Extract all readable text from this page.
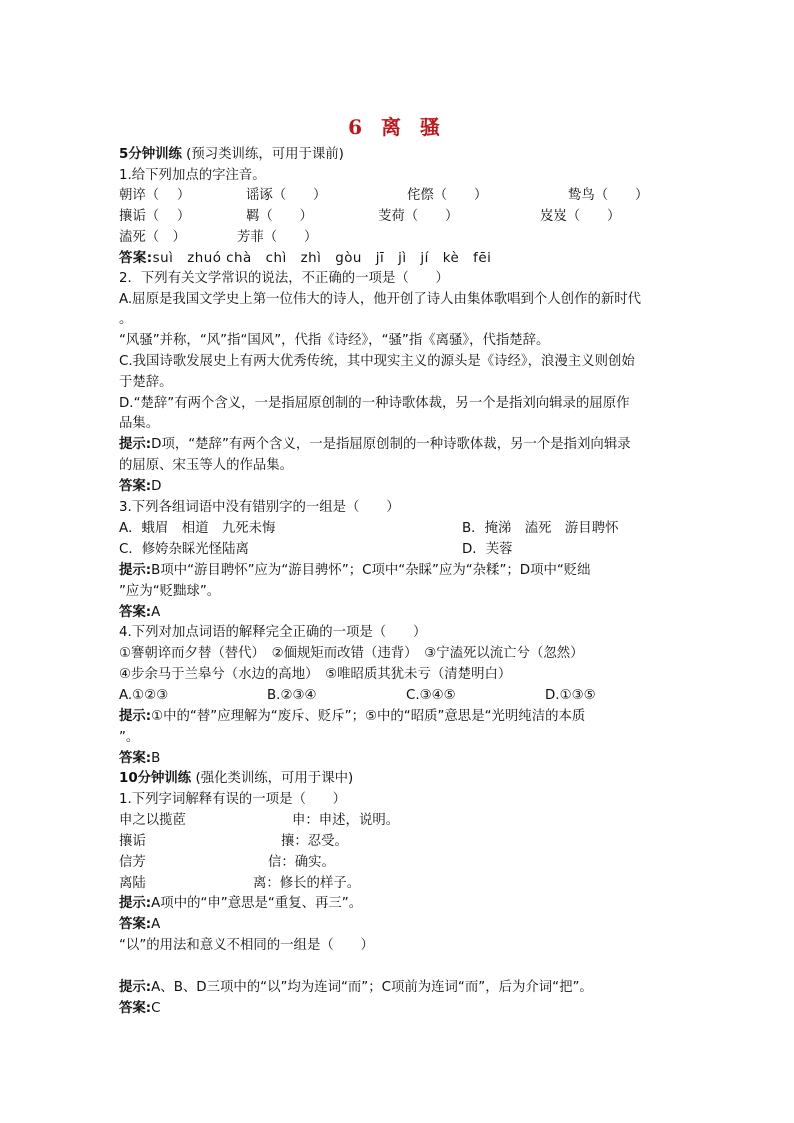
6 离 骚
5分钟训练 (预习类训练，可用于课前)
1.给下列加点的字注音。
朝谇（　 ）	谣诼（　　）	侘傺（　　）	鸷鸟（　　）
攘诟（　 ）	羁（　　）	芰荷（　　）	岌岌（　　）
溘死（　）	芳菲（　　）
答案:suì　zhuó chà　chì　zhì　gòu　jī　jì　jí　kè　fēi
2．下列有关文学常识的说法，不正确的一项是（　　）
A.屈原是我国文学史上第一位伟大的诗人，他开创了诗人由集体歌唱到个人创作的新时代
。
“风骚”并称，“风”指“国风”，代指《诗经》，“骚”指《离骚》，代指楚辞。
C.我国诗歌发展史上有两大优秀传统，其中现实主义的源头是《诗经》，浪漫主义则创始
于楚辞。
D.“楚辞”有两个含义，一是指屈原创制的一种诗歌体裁，另一个是指刘向辑录的屈原作
品集。
提示:D项，“楚辞”有两个含义，一是指屈原创制的一种诗歌体裁，另一个是指刘向辑录
的屈原、宋玉等人的作品集。
答案:D
3.下列各组词语中没有错别字的一组是（　　）
A．蛾眉　相道　九死未悔	B．掩涕　溘死　游目聘怀
C．修姱杂睬光怪陆离	D．芙蓉
提示:B项中“游目聘怀”应为“游目骋怀”；C项中“杂睬”应为“杂糅”；D项中“贬绌
”应为“贬黜球”。
答案:A
4.下列对加点词语的解释完全正确的一项是（　　）
①謇朝谇而夕替（替代）　②偭规矩而改错（违背）　③宁溘死以流亡兮（忽然）
④步余马于兰皋兮（水边的高地）　⑤唯昭质其犹未亏（清楚明白）
A.①②③	B.②③④	C.③④⑤	D.①③⑤
提示:①中的“替”应理解为“废斥、贬斥”；⑤中的“昭质”意思是“光明纯洁的本质
”。
答案:B
10分钟训练 (强化类训练，可用于课中)
1.下列字词解释有误的一项是（　　）
申之以揽茝	申：申述，说明。
攘诟	攘：忍受。
信芳	信：确实。
离陆	离：修长的样子。
提示:A项中的“申”意思是“重复、再三”。
答案:A
“以”的用法和意义不相同的一组是（　　）
提示:A、B、D三项中的“以”均为连词“而”；C项前为连词“而”，后为介词“把”。
答案:C
